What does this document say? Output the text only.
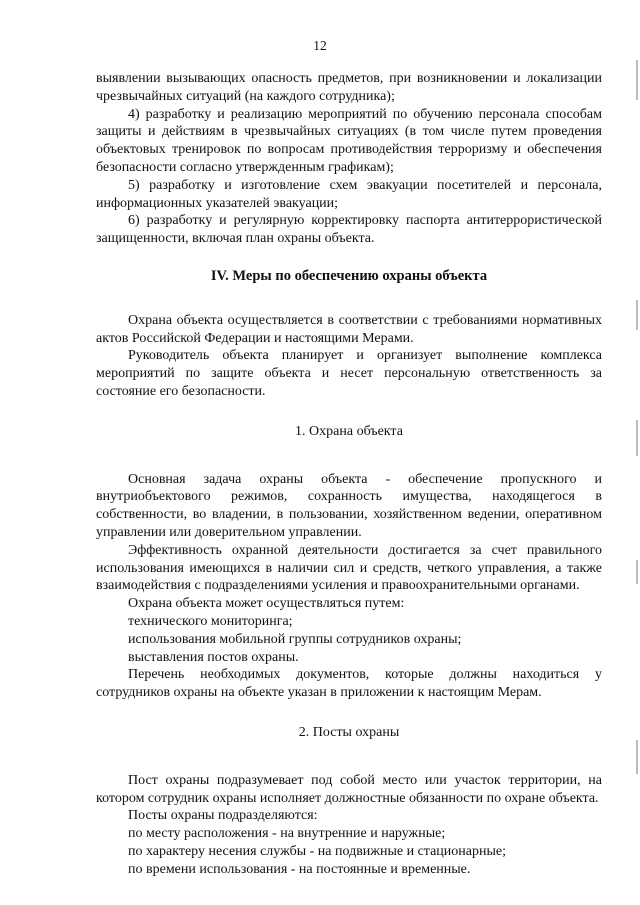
12

выявлении вызывающих опасность предметов, при возникновении и локализации чрезвычайных ситуаций (на каждого сотрудника);

4) разработку и реализацию мероприятий по обучению персонала способам защиты и действиям в чрезвычайных ситуациях (в том числе путем проведения объектовых тренировок по вопросам противодействия терроризму и обеспечения безопасности согласно утвержденным графикам);

5) разработку и изготовление схем эвакуации посетителей и персонала, информационных указателей эвакуации;

6) разработку и регулярную корректировку паспорта антитеррористической защищенности, включая план охраны объекта.

IV. Меры по обеспечению охраны объекта

Охрана объекта осуществляется в соответствии с требованиями нормативных актов Российской Федерации и настоящими Мерами.

Руководитель объекта планирует и организует выполнение комплекса мероприятий по защите объекта и несет персональную ответственность за состояние его безопасности.

1. Охрана объекта

Основная задача охраны объекта - обеспечение пропускного и внутриобъектового режимов, сохранность имущества, находящегося в собственности, во владении, в пользовании, хозяйственном ведении, оперативном управлении или доверительном управлении.

Эффективность охранной деятельности достигается за счет правильного использования имеющихся в наличии сил и средств, четкого управления, а также взаимодействия с подразделениями усиления и правоохранительными органами.

Охрана объекта может осуществляться путем:

технического мониторинга;

использования мобильной группы сотрудников охраны;

выставления постов охраны.

Перечень необходимых документов, которые должны находиться у сотрудников охраны на объекте указан в приложении к настоящим Мерам.

2. Посты охраны

Пост охраны подразумевает под собой место или участок территории, на котором сотрудник охраны исполняет должностные обязанности по охране объекта.

Посты охраны подразделяются:

по месту расположения - на внутренние и наружные;

по характеру несения службы - на подвижные и стационарные;

по времени использования - на постоянные и временные.
